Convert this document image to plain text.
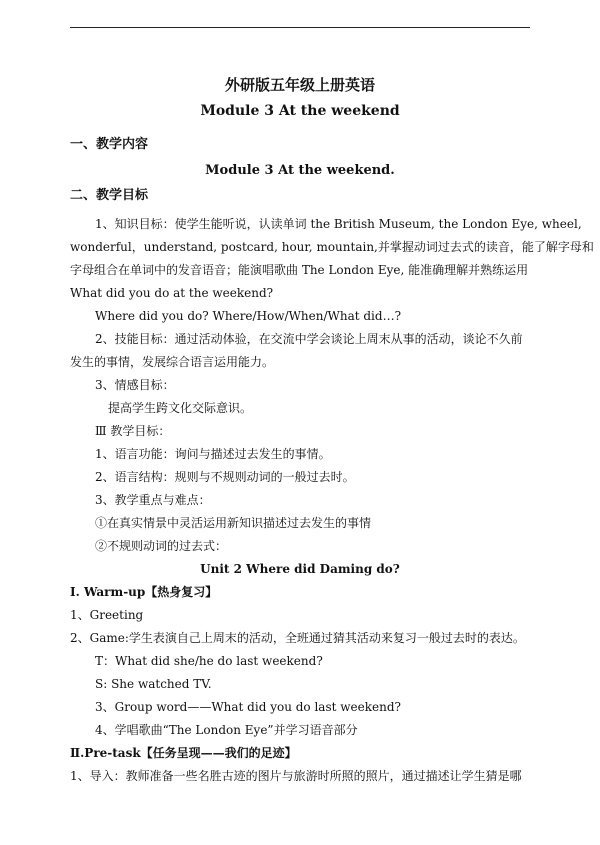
外研版五年级上册英语
Module 3 At the weekend
一、教学内容
Module 3 At the weekend.
二、教学目标
1、知识目标：使学生能听说，认读单词 the British Museum, the London Eye, wheel,
wonderful，understand, postcard, hour, mountain,并掌握动词过去式的读音，能了解字母和
字母组合在单词中的发音语音；能演唱歌曲 The London Eye, 能准确理解并熟练运用
What did you do at the weekend?
Where did you do? Where/How/When/What did…?
2、技能目标：通过活动体验，在交流中学会谈论上周末从事的活动，谈论不久前
发生的事情，发展综合语言运用能力。
3、情感目标：
提高学生跨文化交际意识。
Ⅲ 教学目标：
1、语言功能：询问与描述过去发生的事情。
2、语言结构：规则与不规则动词的一般过去时。
3、教学重点与难点：
①在真实情景中灵活运用新知识描述过去发生的事情
②不规则动词的过去式：
Unit 2 Where did Daming do?
Ⅰ. Warm-up【热身复习】
1、Greeting
2、Game:学生表演自己上周末的活动，全班通过猜其活动来复习一般过去时的表达。
T：What did she/he do last weekend?
S: She watched TV.
3、Group word——What did you do last weekend?
4、学唱歌曲“The London Eye”并学习语音部分
Ⅱ.Pre-task【任务呈现——我们的足迹】
1、导入：教师准备一些名胜古迹的图片与旅游时所照的照片，通过描述让学生猜是哪
